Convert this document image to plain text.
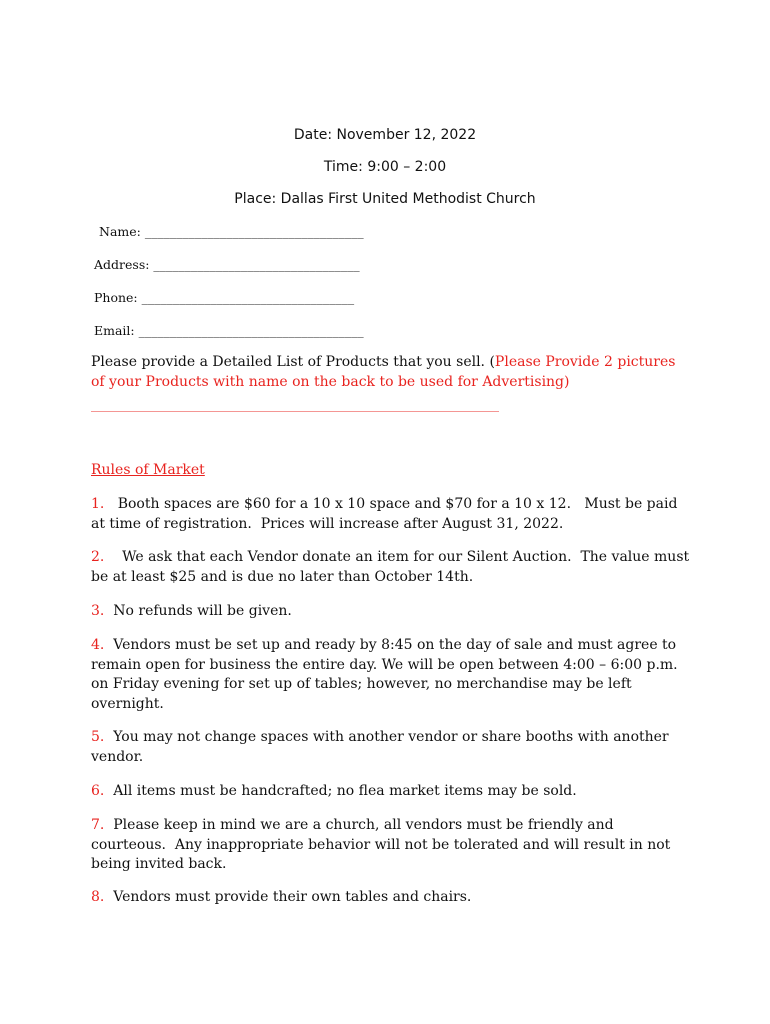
Date: November 12, 2022
Time: 9:00 – 2:00
Place: Dallas First United Methodist Church
Name: ___________________________________
Address: _________________________________
Phone: __________________________________
Email: ____________________________________
Please provide a Detailed List of Products that you sell. (Please Provide 2 pictures of your Products with name on the back to be used for Advertising)
____________________________________________________________________
Rules of Market
1.   Booth spaces are $60 for a 10 x 10 space and $70 for a 10 x 12.   Must be paid at time of registration.  Prices will increase after August 31, 2022.
2.    We ask that each Vendor donate an item for our Silent Auction.  The value must be at least $25 and is due no later than October 14th.
3.  No refunds will be given.
4.  Vendors must be set up and ready by 8:45 on the day of sale and must agree to remain open for business the entire day. We will be open between 4:00 – 6:00 p.m. on Friday evening for set up of tables; however, no merchandise may be left overnight.
5.  You may not change spaces with another vendor or share booths with another vendor.
6.  All items must be handcrafted; no flea market items may be sold.
7.  Please keep in mind we are a church, all vendors must be friendly and courteous.  Any inappropriate behavior will not be tolerated and will result in not being invited back.
8.  Vendors must provide their own tables and chairs.
